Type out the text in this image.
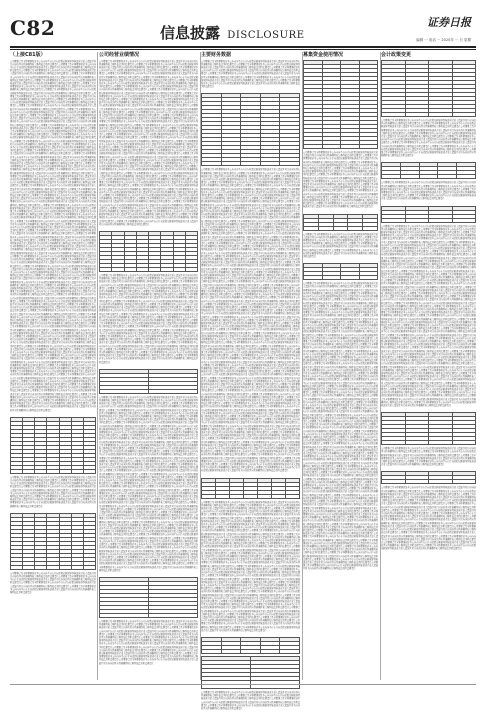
C82	信息披露 DISCLOSURE
证券日报
编辑 ··· 电话 ··· 2020年 ··· 日 星期
（上接C81版）

公司董事会及全体董事保证本公告内容不存在任何虚假记载误导性陈述或者重大遗漏并对其内容的真实性准确性和完整性依法承担法律责任公司董事会及全体董事保证本公告内容不存在任何虚假记载误导性陈述或者重大遗漏并对其内容的真实性准确性和完整性依法承担法律责任公司董事会及全体董事保证本公告内容不存在任何虚假记载误导性陈述或者重大遗漏并对其内容的真实性准确性和完整性依法承担法律责任公司董事会及全体董事保证本公告内容不存在任何虚假记载误导性陈述或者重大遗漏并对其内容的真实性准确性和完整性依法承担法律责任公司董事会及全体董事保证本公告内容不存在任何虚假记载误导性陈述或者重大遗漏并对其内容的真实性准确性和完整性依法承担法律责任公司董事会及全体董事保证本公告内容不存在任何虚假记载误导性陈述或者重大遗漏并对其内容的真实性准确性和完整性依法承担法律责任公司董事会及全体董事保证本公告内容不存在任何虚假记载误导性陈述或者重大遗漏并对其内容的真实性准确性和完整性依法承担法律责任公司董事会及全体董事保证本公告内容不存在任何虚假记载误导性陈述或者重大遗漏并对其内容的真实性准确性和完整性依法承担法律责任公司董事会及全体董事保证本公告内容不存在任何虚假记载误导性陈述或者重大遗漏并对其内容的真实性准确性和完整性依法承担法律责任公司董事会及全体董事保证本公告内容不存在任何虚假记载误导性陈述或者重大遗漏并对其内容的真实性准确性和完整性依法承担法律责任公司董事会及全体董事保证本公告内容不存在任何虚假记载误导性陈述或者重大遗漏并对其内容的真实性准确性和完整性依法承担法律责任公司董事会及全体董事保证本公告内容不存在任何虚假记载误导性陈述或者重大遗漏并对其内容的真实性准确性和完整性依法承担法律责任公司董事会及全体董事保证本公告内容不存在任何虚假记载误导性陈述或者重大遗漏并对其内容的真实性准确性和完整性依法承担法律责任公司董事会及全体董事保证本公告内容不存在任何虚假记载误导性陈述或者重大遗漏并对其内容的真实性准确性和完整性依法承担法律责任公司董事会及全体董事保证本公告内容不存在任何虚假记载误导性陈述或者重大遗漏并对其内容的真实性准确性和完整性依法承担法律责任公司董事会及全体董事保证本公告内容不存在任何虚假记载误导性陈述或者重大遗漏并对其内容的真实性准确性和完整性依法承担法律责任公司董事会及全体董事保证本公告内容不存在任何虚假记载误导性陈述或者重大遗漏并对其内容的真实性准确性和完整性依法承担法律责任公司董事会及全体董事保证本公告内容不存在任何虚假记载误导性陈述或者重大遗漏并对其内容的真实性准确性和完整性依法承担法律责任公司董事会及全体董事保证本公告内容不存在任何虚假记载误导性陈述或者重大遗漏并对其内容的真实性准确性和完整性依法承担法律责任公司董事会及全体董事保证本公告内容不存在任何虚假记载误导性陈述或者重大遗漏并对其内容的真实性准确性和完整性依法承担法律责任公司董事会及全体董事保证本公告内容不存在任何虚假记载误导性陈述或者重大遗漏并对其内容的真实性准确性和完整性依法承担法律责任公司董事会及全体董事保证本公告内容不存在任何虚假记载误导性陈述或者重大遗漏并对其内容的真实性准确性和完整性依法承担法律责任公司董事会及全体董事保证本公告内容不存在任何虚假记载误导性陈述或者重大遗漏并对其内容的真实性准确性和完整性依法承担法律责任公司董事会及全体董事保证本公告内容不存在任何虚假记载误导性陈述或者重大遗漏并对其内容的真实性准确性和完整性依法承担法律责任公司董事会及全体董事保证本公告内容不存在任何虚假记载误导性陈述或者重大遗漏并对其内容的真实性准确性和完整性依法承担法律责任公司董事会及全体董事保证本公告内容不存在任何虚假记载误导性陈述或者重大遗漏并对其内容的真实性准确性和完整性依法承担法律责任公司董事会及全体董事保证本公告内容不存在任何虚假记载误导性陈述或者重大遗漏并对其内容的真实性准确性和完整性依法承担法律责任公司董事会及全体董事保证本公告内容不存在任何虚假记载误导性陈述或者重大遗漏并对其内容的真实性准确性和完整性依法承担法律责任公司董事会及全体董事保证本公告内容不存在任何虚假记载误导性陈述或者重大遗漏并对其内容的真实性准确性和完整性依法承担法律责任公司董事会及全体董事保证本公告内容不存在任何虚假记载误导性陈述或者重大遗漏并对其内容的真实性准确性和完整性依法承担法律责任公司董事会及全体董事保证本公告内容不存在任何虚假记载误导性陈述或者重大遗漏并对其内容的真实性准确性和完整性依法承担法律责任公司董事会及全体董事保证本公告内容不存在任何虚假记载误导性陈述或者重大遗漏并对其内容的真实性准确性和完整性依法承担法律责任公司董事会及全体董事保证本公告内容不存在任何虚假记载误导性陈述或者重大遗漏并对其内容的真实性准确性和完整性依法承担法律责任公司董事会及全体董事保证本公告内容不存在任何虚假记载误导性陈述或者重大遗漏并对其内容的真实性准确性和完整性依法承担法律责任公司董事会及全体董事保证本公告内容不存在任何虚假记载误导性陈述或者重大遗漏并对其内容的真实性准确性和完整性依法承担法律责任公司董事会及全体董事保证本公告内容不存在任何虚假记载误导性陈述或者重大遗漏并对其内容的真实性准确性和完整性依法承担法律责任公司董事会及全体董事保证本公告内容不存在任何虚假记载误导性陈述或者重大遗漏并对其内容的真实性准确性和完整性依法承担法律责任公司董事会及全体董事保证本公告内容不存在任何虚假记载误导性陈述或者重大遗漏并对其内容的真实性准确性和完整性依法承担法律责任公司董事会及全体董事保证本公告内容不存在任何虚假记载误导性陈述或者重大遗漏并对其内容的真实性准确性和完整性依法承担法律责任公司董事会及全体董事保证本公告内容不存在任何虚假记载误导性陈述或者重大遗漏并对其内容的真实性准确性和完整性依法承担法律责任公司董事会及全体董事保证本公告内容不存在任何虚假记载误导性陈述或者重大遗漏并对其内容的真实性准确性和完整性依法承担法律责任公司董事会及全体董事保证本公告内容不存在任何虚假记载误导性陈述或者重大遗漏并对其内容的真实性准确性和完整性依法承担法律责任公司董事会及全体董事保证本公告内容不存在任何虚假记载误导性陈述或者重大遗漏并对其内容的真实性准确性和完整性依法承担法律责任公司董事会及全体董事保证本公告内容不存在任何虚假记载误导性陈述或者重大遗漏并对其内容的真实性准确性和完整性依法承担法律责任公司董事会及全体董事保证本公告内容不存在任何虚假记载误导性陈述或者重大遗漏并对其内容的真实性准确性和完整性依法承担法律责任公司董事会及全体董事保证本公告内容不存在任何虚假记载误导性陈述或者重大遗漏并对其内容的真实性准确性和完整性依法承担法律责任公司董事会及全体董事保证本公告内容不存在任何虚假记载误导性陈述或者重大遗漏并对其内容的真实性准确性和完整性依法承担法律责任公司董事会及全体董事保证本公告内容不存在任何虚假记载误导性陈述或者重大遗漏并对其内容的真实性准确性和完整性依法承担法律责任公司董事会及全体董事保证本公告内容不存在任何虚假记载误导性陈述或者重大遗漏并对其内容的真实性准确性和完整性依法承担法律责任公司董事会及全体董事保证本公告内容不存在任何虚假记载误导性陈述或者重大遗漏并对其内容的真实性准确性和完整性依法承担法律责任公司董事会及全体董事保证本公告内容不存在任何虚假记载误导性陈述或者重大遗漏并对其内容的真实性准确性和完整性依法承担法律责任公司董事会及全体董事保证本公告内容不存在任何虚假记载误导性陈述或者重大遗漏并对其内容的真实性准确性和完整性依法承担法律责任公司董事会及全体董事保证本公告内容不存在任何虚假记载误导性陈述或者重大遗漏并对其内容的真实性准确性和完整性依法承担法律责任公司董事会及全体董事保证本公告内容不存在任何虚假记载误导性陈述或者重大遗漏并对其内容的真实性准确性和完整性依法承担法律责任公司董事会及全体董事保证本公告内容不存在任何虚假记载误导性陈述或者重大遗漏并对其内容的真实性准确性和完整性依法承担法律责任公司董事会及全体董事保证本公告内容不存在任何虚假记载误导性陈述或者重大遗漏并对其内容的真实性准确性和完整性依法承担法律责任公司董事会及全体董事保证本公告内容不存在任何虚假记载误导性陈述或者重大遗漏并对其内容的真实性准确性和完整性依法承担法律责任公司董事会及全体董事保证本公告内容不存在任何虚假记载误导性陈述或者重大遗漏并对其内容的真实性准确性和完整性依法承担法律责任公司董事会及全体董事保证本公告内容不存在任何虚假记载误导性陈述或者重大遗漏并对其内容的真实性准确性和完整性依法承担法律责任公司董事会及全体董事保证本公告内容不存在任何虚假记载误导性陈述或者重大遗漏并对其内容的真实性准确性和完整性依法承担法律责任公司董事会及全体董事保证本公告内容不存在任何虚假记载误导性陈述或者重大遗漏并对其内容的真实性准确性和完整性依法承担法律责任公司董事会及全体董事保证本公告内容不存在任何虚假记载误导性陈述或者重大遗漏并对其内容的真实性准确性和完整性依法承担法律责任公司董事会及全体董事保证本公告内容不存在任何虚假记载误导性陈述或者重大遗漏并对其内容的真实性准确性和完整性依法承担法律责任公司董事会及全体董事保证本公告内容不存在任何虚假记载误导性陈述或者重大遗漏并对其内容的真实性准确性和完整性依法承担法律责任公司董事会及全体董事保证本公告内容不存在任何虚假记载误导性陈述或者重大遗漏并对其内容的真实性准确性和完整性依法承担法律责任公司董事会及全体董事保证本公告内容不存在任何虚假记载误导性陈述或者重大遗漏并对其内容的真实性准确性和完整性依法承担法律责任公司董事会及全体董事保证本公告内容不存在任何虚假记载误导性陈述或者重大遗漏并对其内容的真实性准确性和完整性依法承担法律责任公司董事会及全体董事保证本公告内容不存在任何虚假记载误导性陈述或者重大遗漏并对其内容的真实性准确性和完整性依法承担法律责任公司董事会及全体董事保证本公告内容不存在任何虚假记载误导性陈述或者重大遗漏并对其内容的真实性准确性和完整性依法承担法律责任公司董事会及全体董事保证本公告内容不存在任何虚假记载误导性陈述或者重大遗漏并对其内容的真实性准确性和完整性依法承担法律责任

公司董事会及全体董事保证本公告内容不存在任何虚假记载误导性陈述或者重大遗漏并对其内容的真实性准确性和完整性依法承担法律责任公司董事会及全体董事保证本公告内容不存在任何虚假记载误导性陈述或者重大遗漏并对其内容的真实性准确性和完整性依法承担法律责任公司董事会及全体董事保证本公告内容不存在任何虚假记载误导性陈述或者重大遗漏并对其内容的真实性准确性和完整性依法承担法律责任公司董事会及全体董事保证本公告内容不存在任何虚假记载误导性陈述或者重大遗漏并对其内容的真实性准确性和完整性依法承担法律责任公司董事会及全体董事保证本公告内容不存在任何虚假记载误导性陈述或者重大遗漏并对其内容的真实性准确性和完整性依法承担法律责任公司董事会及全体董事保证本公告内容不存在任何虚假记载误导性陈述或者重大遗漏并对其内容的真实性准确性和完整性依法承担法律责任

公司董事会及全体董事保证本公告内容不存在任何虚假记载误导性陈述或者重大遗漏并对其内容的真实性准确性和完整性依法承担法律责任公司董事会及全体董事保证本公告内容不存在任何虚假记载误导性陈述或者重大遗漏并对其内容的真实性准确性和完整性依法承担法律责任公司董事会及全体董事保证本公告内容不存在任何虚假记载误导性陈述或者重大遗漏并对其内容的真实性准确性和完整性依法承担法律责任公司董事会及全体董事保证本公告内容不存在任何虚假记载误导性陈述或者重大遗漏并对其内容的真实性准确性和完整性依法承担法律责任

公司经营业绩情况

公司董事会及全体董事保证本公告内容不存在任何虚假记载误导性陈述或者重大遗漏并对其内容的真实性准确性和完整性依法承担法律责任公司董事会及全体董事保证本公告内容不存在任何虚假记载误导性陈述或者重大遗漏并对其内容的真实性准确性和完整性依法承担法律责任公司董事会及全体董事保证本公告内容不存在任何虚假记载误导性陈述或者重大遗漏并对其内容的真实性准确性和完整性依法承担法律责任公司董事会及全体董事保证本公告内容不存在任何虚假记载误导性陈述或者重大遗漏并对其内容的真实性准确性和完整性依法承担法律责任公司董事会及全体董事保证本公告内容不存在任何虚假记载误导性陈述或者重大遗漏并对其内容的真实性准确性和完整性依法承担法律责任公司董事会及全体董事保证本公告内容不存在任何虚假记载误导性陈述或者重大遗漏并对其内容的真实性准确性和完整性依法承担法律责任公司董事会及全体董事保证本公告内容不存在任何虚假记载误导性陈述或者重大遗漏并对其内容的真实性准确性和完整性依法承担法律责任公司董事会及全体董事保证本公告内容不存在任何虚假记载误导性陈述或者重大遗漏并对其内容的真实性准确性和完整性依法承担法律责任公司董事会及全体董事保证本公告内容不存在任何虚假记载误导性陈述或者重大遗漏并对其内容的真实性准确性和完整性依法承担法律责任公司董事会及全体董事保证本公告内容不存在任何虚假记载误导性陈述或者重大遗漏并对其内容的真实性准确性和完整性依法承担法律责任公司董事会及全体董事保证本公告内容不存在任何虚假记载误导性陈述或者重大遗漏并对其内容的真实性准确性和完整性依法承担法律责任公司董事会及全体董事保证本公告内容不存在任何虚假记载误导性陈述或者重大遗漏并对其内容的真实性准确性和完整性依法承担法律责任公司董事会及全体董事保证本公告内容不存在任何虚假记载误导性陈述或者重大遗漏并对其内容的真实性准确性和完整性依法承担法律责任公司董事会及全体董事保证本公告内容不存在任何虚假记载误导性陈述或者重大遗漏并对其内容的真实性准确性和完整性依法承担法律责任公司董事会及全体董事保证本公告内容不存在任何虚假记载误导性陈述或者重大遗漏并对其内容的真实性准确性和完整性依法承担法律责任公司董事会及全体董事保证本公告内容不存在任何虚假记载误导性陈述或者重大遗漏并对其内容的真实性准确性和完整性依法承担法律责任公司董事会及全体董事保证本公告内容不存在任何虚假记载误导性陈述或者重大遗漏并对其内容的真实性准确性和完整性依法承担法律责任公司董事会及全体董事保证本公告内容不存在任何虚假记载误导性陈述或者重大遗漏并对其内容的真实性准确性和完整性依法承担法律责任公司董事会及全体董事保证本公告内容不存在任何虚假记载误导性陈述或者重大遗漏并对其内容的真实性准确性和完整性依法承担法律责任公司董事会及全体董事保证本公告内容不存在任何虚假记载误导性陈述或者重大遗漏并对其内容的真实性准确性和完整性依法承担法律责任公司董事会及全体董事保证本公告内容不存在任何虚假记载误导性陈述或者重大遗漏并对其内容的真实性准确性和完整性依法承担法律责任公司董事会及全体董事保证本公告内容不存在任何虚假记载误导性陈述或者重大遗漏并对其内容的真实性准确性和完整性依法承担法律责任公司董事会及全体董事保证本公告内容不存在任何虚假记载误导性陈述或者重大遗漏并对其内容的真实性准确性和完整性依法承担法律责任公司董事会及全体董事保证本公告内容不存在任何虚假记载误导性陈述或者重大遗漏并对其内容的真实性准确性和完整性依法承担法律责任公司董事会及全体董事保证本公告内容不存在任何虚假记载误导性陈述或者重大遗漏并对其内容的真实性准确性和完整性依法承担法律责任公司董事会及全体董事保证本公告内容不存在任何虚假记载误导性陈述或者重大遗漏并对其内容的真实性准确性和完整性依法承担法律责任公司董事会及全体董事保证本公告内容不存在任何虚假记载误导性陈述或者重大遗漏并对其内容的真实性准确性和完整性依法承担法律责任公司董事会及全体董事保证本公告内容不存在任何虚假记载误导性陈述或者重大遗漏并对其内容的真实性准确性和完整性依法承担法律责任公司董事会及全体董事保证本公告内容不存在任何虚假记载误导性陈述或者重大遗漏并对其内容的真实性准确性和完整性依法承担法律责任公司董事会及全体董事保证本公告内容不存在任何虚假记载误导性陈述或者重大遗漏并对其内容的真实性准确性和完整性依法承担法律责任公司董事会及全体董事保证本公告内容不存在任何虚假记载误导性陈述或者重大遗漏并对其内容的真实性准确性和完整性依法承担法律责任公司董事会及全体董事保证本公告内容不存在任何虚假记载误导性陈述或者重大遗漏并对其内容的真实性准确性和完整性依法承担法律责任公司董事会及全体董事保证本公告内容不存在任何虚假记载误导性陈述或者重大遗漏并对其内容的真实性准确性和完整性依法承担法律责任公司董事会及全体董事保证本公告内容不存在任何虚假记载误导性陈述或者重大遗漏并对其内容的真实性准确性和完整性依法承担法律责任公司董事会及全体董事保证本公告内容不存在任何虚假记载误导性陈述或者重大遗漏并对其内容的真实性准确性和完整性依法承担法律责任公司董事会及全体董事保证本公告内容不存在任何虚假记载误导性陈述或者重大遗漏并对其内容的真实性准确性和完整性依法承担法律责任公司董事会及全体董事保证本公告内容不存在任何虚假记载误导性陈述或者重大遗漏并对其内容的真实性准确性和完整性依法承担法律责任公司董事会及全体董事保证本公告内容不存在任何虚假记载误导性陈述或者重大遗漏并对其内容的真实性准确性和完整性依法承担法律责任

公司董事会及全体董事保证本公告内容不存在任何虚假记载误导性陈述或者重大遗漏并对其内容的真实性准确性和完整性依法承担法律责任公司董事会及全体董事保证本公告内容不存在任何虚假记载误导性陈述或者重大遗漏并对其内容的真实性准确性和完整性依法承担法律责任公司董事会及全体董事保证本公告内容不存在任何虚假记载误导性陈述或者重大遗漏并对其内容的真实性准确性和完整性依法承担法律责任公司董事会及全体董事保证本公告内容不存在任何虚假记载误导性陈述或者重大遗漏并对其内容的真实性准确性和完整性依法承担法律责任公司董事会及全体董事保证本公告内容不存在任何虚假记载误导性陈述或者重大遗漏并对其内容的真实性准确性和完整性依法承担法律责任公司董事会及全体董事保证本公告内容不存在任何虚假记载误导性陈述或者重大遗漏并对其内容的真实性准确性和完整性依法承担法律责任公司董事会及全体董事保证本公告内容不存在任何虚假记载误导性陈述或者重大遗漏并对其内容的真实性准确性和完整性依法承担法律责任公司董事会及全体董事保证本公告内容不存在任何虚假记载误导性陈述或者重大遗漏并对其内容的真实性准确性和完整性依法承担法律责任公司董事会及全体董事保证本公告内容不存在任何虚假记载误导性陈述或者重大遗漏并对其内容的真实性准确性和完整性依法承担法律责任公司董事会及全体董事保证本公告内容不存在任何虚假记载误导性陈述或者重大遗漏并对其内容的真实性准确性和完整性依法承担法律责任公司董事会及全体董事保证本公告内容不存在任何虚假记载误导性陈述或者重大遗漏并对其内容的真实性准确性和完整性依法承担法律责任公司董事会及全体董事保证本公告内容不存在任何虚假记载误导性陈述或者重大遗漏并对其内容的真实性准确性和完整性依法承担法律责任公司董事会及全体董事保证本公告内容不存在任何虚假记载误导性陈述或者重大遗漏并对其内容的真实性准确性和完整性依法承担法律责任公司董事会及全体董事保证本公告内容不存在任何虚假记载误导性陈述或者重大遗漏并对其内容的真实性准确性和完整性依法承担法律责任公司董事会及全体董事保证本公告内容不存在任何虚假记载误导性陈述或者重大遗漏并对其内容的真实性准确性和完整性依法承担法律责任公司董事会及全体董事保证本公告内容不存在任何虚假记载误导性陈述或者重大遗漏并对其内容的真实性准确性和完整性依法承担法律责任公司董事会及全体董事保证本公告内容不存在任何虚假记载误导性陈述或者重大遗漏并对其内容的真实性准确性和完整性依法承担法律责任公司董事会及全体董事保证本公告内容不存在任何虚假记载误导性陈述或者重大遗漏并对其内容的真实性准确性和完整性依法承担法律责任公司董事会及全体董事保证本公告内容不存在任何虚假记载误导性陈述或者重大遗漏并对其内容的真实性准确性和完整性依法承担法律责任公司董事会及全体董事保证本公告内容不存在任何虚假记载误导性陈述或者重大遗漏并对其内容的真实性准确性和完整性依法承担法律责任

公司董事会及全体董事保证本公告内容不存在任何虚假记载误导性陈述或者重大遗漏并对其内容的真实性准确性和完整性依法承担法律责任公司董事会及全体董事保证本公告内容不存在任何虚假记载误导性陈述或者重大遗漏并对其内容的真实性准确性和完整性依法承担法律责任公司董事会及全体董事保证本公告内容不存在任何虚假记载误导性陈述或者重大遗漏并对其内容的真实性准确性和完整性依法承担法律责任公司董事会及全体董事保证本公告内容不存在任何虚假记载误导性陈述或者重大遗漏并对其内容的真实性准确性和完整性依法承担法律责任公司董事会及全体董事保证本公告内容不存在任何虚假记载误导性陈述或者重大遗漏并对其内容的真实性准确性和完整性依法承担法律责任公司董事会及全体董事保证本公告内容不存在任何虚假记载误导性陈述或者重大遗漏并对其内容的真实性准确性和完整性依法承担法律责任公司董事会及全体董事保证本公告内容不存在任何虚假记载误导性陈述或者重大遗漏并对其内容的真实性准确性和完整性依法承担法律责任公司董事会及全体董事保证本公告内容不存在任何虚假记载误导性陈述或者重大遗漏并对其内容的真实性准确性和完整性依法承担法律责任公司董事会及全体董事保证本公告内容不存在任何虚假记载误导性陈述或者重大遗漏并对其内容的真实性准确性和完整性依法承担法律责任公司董事会及全体董事保证本公告内容不存在任何虚假记载误导性陈述或者重大遗漏并对其内容的真实性准确性和完整性依法承担法律责任公司董事会及全体董事保证本公告内容不存在任何虚假记载误导性陈述或者重大遗漏并对其内容的真实性准确性和完整性依法承担法律责任公司董事会及全体董事保证本公告内容不存在任何虚假记载误导性陈述或者重大遗漏并对其内容的真实性准确性和完整性依法承担法律责任公司董事会及全体董事保证本公告内容不存在任何虚假记载误导性陈述或者重大遗漏并对其内容的真实性准确性和完整性依法承担法律责任公司董事会及全体董事保证本公告内容不存在任何虚假记载误导性陈述或者重大遗漏并对其内容的真实性准确性和完整性依法承担法律责任公司董事会及全体董事保证本公告内容不存在任何虚假记载误导性陈述或者重大遗漏并对其内容的真实性准确性和完整性依法承担法律责任公司董事会及全体董事保证本公告内容不存在任何虚假记载误导性陈述或者重大遗漏并对其内容的真实性准确性和完整性依法承担法律责任公司董事会及全体董事保证本公告内容不存在任何虚假记载误导性陈述或者重大遗漏并对其内容的真实性准确性和完整性依法承担法律责任公司董事会及全体董事保证本公告内容不存在任何虚假记载误导性陈述或者重大遗漏并对其内容的真实性准确性和完整性依法承担法律责任公司董事会及全体董事保证本公告内容不存在任何虚假记载误导性陈述或者重大遗漏并对其内容的真实性准确性和完整性依法承担法律责任公司董事会及全体董事保证本公告内容不存在任何虚假记载误导性陈述或者重大遗漏并对其内容的真实性准确性和完整性依法承担法律责任公司董事会及全体董事保证本公告内容不存在任何虚假记载误导性陈述或者重大遗漏并对其内容的真实性准确性和完整性依法承担法律责任公司董事会及全体董事保证本公告内容不存在任何虚假记载误导性陈述或者重大遗漏并对其内容的真实性准确性和完整性依法承担法律责任公司董事会及全体董事保证本公告内容不存在任何虚假记载误导性陈述或者重大遗漏并对其内容的真实性准确性和完整性依法承担法律责任公司董事会及全体董事保证本公告内容不存在任何虚假记载误导性陈述或者重大遗漏并对其内容的真实性准确性和完整性依法承担法律责任公司董事会及全体董事保证本公告内容不存在任何虚假记载误导性陈述或者重大遗漏并对其内容的真实性准确性和完整性依法承担法律责任公司董事会及全体董事保证本公告内容不存在任何虚假记载误导性陈述或者重大遗漏并对其内容的真实性准确性和完整性依法承担法律责任公司董事会及全体董事保证本公告内容不存在任何虚假记载误导性陈述或者重大遗漏并对其内容的真实性准确性和完整性依法承担法律责任公司董事会及全体董事保证本公告内容不存在任何虚假记载误导性陈述或者重大遗漏并对其内容的真实性准确性和完整性依法承担法律责任公司董事会及全体董事保证本公告内容不存在任何虚假记载误导性陈述或者重大遗漏并对其内容的真实性准确性和完整性依法承担法律责任公司董事会及全体董事保证本公告内容不存在任何虚假记载误导性陈述或者重大遗漏并对其内容的真实性准确性和完整性依法承担法律责任公司董事会及全体董事保证本公告内容不存在任何虚假记载误导性陈述或者重大遗漏并对其内容的真实性准确性和完整性依法承担法律责任公司董事会及全体董事保证本公告内容不存在任何虚假记载误导性陈述或者重大遗漏并对其内容的真实性准确性和完整性依法承担法律责任公司董事会及全体董事保证本公告内容不存在任何虚假记载误导性陈述或者重大遗漏并对其内容的真实性准确性和完整性依法承担法律责任公司董事会及全体董事保证本公告内容不存在任何虚假记载误导性陈述或者重大遗漏并对其内容的真实性准确性和完整性依法承担法律责任公司董事会及全体董事保证本公告内容不存在任何虚假记载误导性陈述或者重大遗漏并对其内容的真实性准确性和完整性依法承担法律责任公司董事会及全体董事保证本公告内容不存在任何虚假记载误导性陈述或者重大遗漏并对其内容的真实性准确性和完整性依法承担法律责任公司董事会及全体董事保证本公告内容不存在任何虚假记载误导性陈述或者重大遗漏并对其内容的真实性准确性和完整性依法承担法律责任公司董事会及全体董事保证本公告内容不存在任何虚假记载误导性陈述或者重大遗漏并对其内容的真实性准确性和完整性依法承担法律责任公司董事会及全体董事保证本公告内容不存在任何虚假记载误导性陈述或者重大遗漏并对其内容的真实性准确性和完整性依法承担法律责任公司董事会及全体董事保证本公告内容不存在任何虚假记载误导性陈述或者重大遗漏并对其内容的真实性准确性和完整性依法承担法律责任

公司董事会及全体董事保证本公告内容不存在任何虚假记载误导性陈述或者重大遗漏并对其内容的真实性准确性和完整性依法承担法律责任公司董事会及全体董事保证本公告内容不存在任何虚假记载误导性陈述或者重大遗漏并对其内容的真实性准确性和完整性依法承担法律责任公司董事会及全体董事保证本公告内容不存在任何虚假记载误导性陈述或者重大遗漏并对其内容的真实性准确性和完整性依法承担法律责任公司董事会及全体董事保证本公告内容不存在任何虚假记载误导性陈述或者重大遗漏并对其内容的真实性准确性和完整性依法承担法律责任公司董事会及全体董事保证本公告内容不存在任何虚假记载误导性陈述或者重大遗漏并对其内容的真实性准确性和完整性依法承担法律责任公司董事会及全体董事保证本公告内容不存在任何虚假记载误导性陈述或者重大遗漏并对其内容的真实性准确性和完整性依法承担法律责任公司董事会及全体董事保证本公告内容不存在任何虚假记载误导性陈述或者重大遗漏并对其内容的真实性准确性和完整性依法承担法律责任公司董事会及全体董事保证本公告内容不存在任何虚假记载误导性陈述或者重大遗漏并对其内容的真实性准确性和完整性依法承担法律责任公司董事会及全体董事保证本公告内容不存在任何虚假记载误导性陈述或者重大遗漏并对其内容的真实性准确性和完整性依法承担法律责任公司董事会及全体董事保证本公告内容不存在任何虚假记载误导性陈述或者重大遗漏并对其内容的真实性准确性和完整性依法承担法律责任

主要财务数据

公司董事会及全体董事保证本公告内容不存在任何虚假记载误导性陈述或者重大遗漏并对其内容的真实性准确性和完整性依法承担法律责任公司董事会及全体董事保证本公告内容不存在任何虚假记载误导性陈述或者重大遗漏并对其内容的真实性准确性和完整性依法承担法律责任公司董事会及全体董事保证本公告内容不存在任何虚假记载误导性陈述或者重大遗漏并对其内容的真实性准确性和完整性依法承担法律责任公司董事会及全体董事保证本公告内容不存在任何虚假记载误导性陈述或者重大遗漏并对其内容的真实性准确性和完整性依法承担法律责任公司董事会及全体董事保证本公告内容不存在任何虚假记载误导性陈述或者重大遗漏并对其内容的真实性准确性和完整性依法承担法律责任公司董事会及全体董事保证本公告内容不存在任何虚假记载误导性陈述或者重大遗漏并对其内容的真实性准确性和完整性依法承担法律责任

公司董事会及全体董事保证本公告内容不存在任何虚假记载误导性陈述或者重大遗漏并对其内容的真实性准确性和完整性依法承担法律责任公司董事会及全体董事保证本公告内容不存在任何虚假记载误导性陈述或者重大遗漏并对其内容的真实性准确性和完整性依法承担法律责任公司董事会及全体董事保证本公告内容不存在任何虚假记载误导性陈述或者重大遗漏并对其内容的真实性准确性和完整性依法承担法律责任公司董事会及全体董事保证本公告内容不存在任何虚假记载误导性陈述或者重大遗漏并对其内容的真实性准确性和完整性依法承担法律责任公司董事会及全体董事保证本公告内容不存在任何虚假记载误导性陈述或者重大遗漏并对其内容的真实性准确性和完整性依法承担法律责任公司董事会及全体董事保证本公告内容不存在任何虚假记载误导性陈述或者重大遗漏并对其内容的真实性准确性和完整性依法承担法律责任公司董事会及全体董事保证本公告内容不存在任何虚假记载误导性陈述或者重大遗漏并对其内容的真实性准确性和完整性依法承担法律责任公司董事会及全体董事保证本公告内容不存在任何虚假记载误导性陈述或者重大遗漏并对其内容的真实性准确性和完整性依法承担法律责任公司董事会及全体董事保证本公告内容不存在任何虚假记载误导性陈述或者重大遗漏并对其内容的真实性准确性和完整性依法承担法律责任公司董事会及全体董事保证本公告内容不存在任何虚假记载误导性陈述或者重大遗漏并对其内容的真实性准确性和完整性依法承担法律责任公司董事会及全体董事保证本公告内容不存在任何虚假记载误导性陈述或者重大遗漏并对其内容的真实性准确性和完整性依法承担法律责任公司董事会及全体董事保证本公告内容不存在任何虚假记载误导性陈述或者重大遗漏并对其内容的真实性准确性和完整性依法承担法律责任公司董事会及全体董事保证本公告内容不存在任何虚假记载误导性陈述或者重大遗漏并对其内容的真实性准确性和完整性依法承担法律责任公司董事会及全体董事保证本公告内容不存在任何虚假记载误导性陈述或者重大遗漏并对其内容的真实性准确性和完整性依法承担法律责任公司董事会及全体董事保证本公告内容不存在任何虚假记载误导性陈述或者重大遗漏并对其内容的真实性准确性和完整性依法承担法律责任公司董事会及全体董事保证本公告内容不存在任何虚假记载误导性陈述或者重大遗漏并对其内容的真实性准确性和完整性依法承担法律责任公司董事会及全体董事保证本公告内容不存在任何虚假记载误导性陈述或者重大遗漏并对其内容的真实性准确性和完整性依法承担法律责任公司董事会及全体董事保证本公告内容不存在任何虚假记载误导性陈述或者重大遗漏并对其内容的真实性准确性和完整性依法承担法律责任公司董事会及全体董事保证本公告内容不存在任何虚假记载误导性陈述或者重大遗漏并对其内容的真实性准确性和完整性依法承担法律责任公司董事会及全体董事保证本公告内容不存在任何虚假记载误导性陈述或者重大遗漏并对其内容的真实性准确性和完整性依法承担法律责任公司董事会及全体董事保证本公告内容不存在任何虚假记载误导性陈述或者重大遗漏并对其内容的真实性准确性和完整性依法承担法律责任公司董事会及全体董事保证本公告内容不存在任何虚假记载误导性陈述或者重大遗漏并对其内容的真实性准确性和完整性依法承担法律责任公司董事会及全体董事保证本公告内容不存在任何虚假记载误导性陈述或者重大遗漏并对其内容的真实性准确性和完整性依法承担法律责任公司董事会及全体董事保证本公告内容不存在任何虚假记载误导性陈述或者重大遗漏并对其内容的真实性准确性和完整性依法承担法律责任公司董事会及全体董事保证本公告内容不存在任何虚假记载误导性陈述或者重大遗漏并对其内容的真实性准确性和完整性依法承担法律责任公司董事会及全体董事保证本公告内容不存在任何虚假记载误导性陈述或者重大遗漏并对其内容的真实性准确性和完整性依法承担法律责任公司董事会及全体董事保证本公告内容不存在任何虚假记载误导性陈述或者重大遗漏并对其内容的真实性准确性和完整性依法承担法律责任公司董事会及全体董事保证本公告内容不存在任何虚假记载误导性陈述或者重大遗漏并对其内容的真实性准确性和完整性依法承担法律责任公司董事会及全体董事保证本公告内容不存在任何虚假记载误导性陈述或者重大遗漏并对其内容的真实性准确性和完整性依法承担法律责任公司董事会及全体董事保证本公告内容不存在任何虚假记载误导性陈述或者重大遗漏并对其内容的真实性准确性和完整性依法承担法律责任公司董事会及全体董事保证本公告内容不存在任何虚假记载误导性陈述或者重大遗漏并对其内容的真实性准确性和完整性依法承担法律责任公司董事会及全体董事保证本公告内容不存在任何虚假记载误导性陈述或者重大遗漏并对其内容的真实性准确性和完整性依法承担法律责任公司董事会及全体董事保证本公告内容不存在任何虚假记载误导性陈述或者重大遗漏并对其内容的真实性准确性和完整性依法承担法律责任公司董事会及全体董事保证本公告内容不存在任何虚假记载误导性陈述或者重大遗漏并对其内容的真实性准确性和完整性依法承担法律责任公司董事会及全体董事保证本公告内容不存在任何虚假记载误导性陈述或者重大遗漏并对其内容的真实性准确性和完整性依法承担法律责任公司董事会及全体董事保证本公告内容不存在任何虚假记载误导性陈述或者重大遗漏并对其内容的真实性准确性和完整性依法承担法律责任公司董事会及全体董事保证本公告内容不存在任何虚假记载误导性陈述或者重大遗漏并对其内容的真实性准确性和完整性依法承担法律责任公司董事会及全体董事保证本公告内容不存在任何虚假记载误导性陈述或者重大遗漏并对其内容的真实性准确性和完整性依法承担法律责任公司董事会及全体董事保证本公告内容不存在任何虚假记载误导性陈述或者重大遗漏并对其内容的真实性准确性和完整性依法承担法律责任公司董事会及全体董事保证本公告内容不存在任何虚假记载误导性陈述或者重大遗漏并对其内容的真实性准确性和完整性依法承担法律责任公司董事会及全体董事保证本公告内容不存在任何虚假记载误导性陈述或者重大遗漏并对其内容的真实性准确性和完整性依法承担法律责任公司董事会及全体董事保证本公告内容不存在任何虚假记载误导性陈述或者重大遗漏并对其内容的真实性准确性和完整性依法承担法律责任公司董事会及全体董事保证本公告内容不存在任何虚假记载误导性陈述或者重大遗漏并对其内容的真实性准确性和完整性依法承担法律责任公司董事会及全体董事保证本公告内容不存在任何虚假记载误导性陈述或者重大遗漏并对其内容的真实性准确性和完整性依法承担法律责任公司董事会及全体董事保证本公告内容不存在任何虚假记载误导性陈述或者重大遗漏并对其内容的真实性准确性和完整性依法承担法律责任公司董事会及全体董事保证本公告内容不存在任何虚假记载误导性陈述或者重大遗漏并对其内容的真实性准确性和完整性依法承担法律责任公司董事会及全体董事保证本公告内容不存在任何虚假记载误导性陈述或者重大遗漏并对其内容的真实性准确性和完整性依法承担法律责任公司董事会及全体董事保证本公告内容不存在任何虚假记载误导性陈述或者重大遗漏并对其内容的真实性准确性和完整性依法承担法律责任公司董事会及全体董事保证本公告内容不存在任何虚假记载误导性陈述或者重大遗漏并对其内容的真实性准确性和完整性依法承担法律责任公司董事会及全体董事保证本公告内容不存在任何虚假记载误导性陈述或者重大遗漏并对其内容的真实性准确性和完整性依法承担法律责任公司董事会及全体董事保证本公告内容不存在任何虚假记载误导性陈述或者重大遗漏并对其内容的真实性准确性和完整性依法承担法律责任公司董事会及全体董事保证本公告内容不存在任何虚假记载误导性陈述或者重大遗漏并对其内容的真实性准确性和完整性依法承担法律责任公司董事会及全体董事保证本公告内容不存在任何虚假记载误导性陈述或者重大遗漏并对其内容的真实性准确性和完整性依法承担法律责任公司董事会及全体董事保证本公告内容不存在任何虚假记载误导性陈述或者重大遗漏并对其内容的真实性准确性和完整性依法承担法律责任公司董事会及全体董事保证本公告内容不存在任何虚假记载误导性陈述或者重大遗漏并对其内容的真实性准确性和完整性依法承担法律责任公司董事会及全体董事保证本公告内容不存在任何虚假记载误导性陈述或者重大遗漏并对其内容的真实性准确性和完整性依法承担法律责任公司董事会及全体董事保证本公告内容不存在任何虚假记载误导性陈述或者重大遗漏并对其内容的真实性准确性和完整性依法承担法律责任公司董事会及全体董事保证本公告内容不存在任何虚假记载误导性陈述或者重大遗漏并对其内容的真实性准确性和完整性依法承担法律责任公司董事会及全体董事保证本公告内容不存在任何虚假记载误导性陈述或者重大遗漏并对其内容的真实性准确性和完整性依法承担法律责任公司董事会及全体董事保证本公告内容不存在任何虚假记载误导性陈述或者重大遗漏并对其内容的真实性准确性和完整性依法承担法律责任公司董事会及全体董事保证本公告内容不存在任何虚假记载误导性陈述或者重大遗漏并对其内容的真实性准确性和完整性依法承担法律责任公司董事会及全体董事保证本公告内容不存在任何虚假记载误导性陈述或者重大遗漏并对其内容的真实性准确性和完整性依法承担法律责任公司董事会及全体董事保证本公告内容不存在任何虚假记载误导性陈述或者重大遗漏并对其内容的真实性准确性和完整性依法承担法律责任公司董事会及全体董事保证本公告内容不存在任何虚假记载误导性陈述或者重大遗漏并对其内容的真实性准确性和完整性依法承担法律责任公司董事会及全体董事保证本公告内容不存在任何虚假记载误导性陈述或者重大遗漏并对其内容的真实性准确性和完整性依法承担法律责任公司董事会及全体董事保证本公告内容不存在任何虚假记载误导性陈述或者重大遗漏并对其内容的真实性准确性和完整性依法承担法律责任公司董事会及全体董事保证本公告内容不存在任何虚假记载误导性陈述或者重大遗漏并对其内容的真实性准确性和完整性依法承担法律责任公司董事会及全体董事保证本公告内容不存在任何虚假记载误导性陈述或者重大遗漏并对其内容的真实性准确性和完整性依法承担法律责任公司董事会及全体董事保证本公告内容不存在任何虚假记载误导性陈述或者重大遗漏并对其内容的真实性准确性和完整性依法承担法律责任公司董事会及全体董事保证本公告内容不存在任何虚假记载误导性陈述或者重大遗漏并对其内容的真实性准确性和完整性依法承担法律责任

公司董事会及全体董事保证本公告内容不存在任何虚假记载误导性陈述或者重大遗漏并对其内容的真实性准确性和完整性依法承担法律责任公司董事会及全体董事保证本公告内容不存在任何虚假记载误导性陈述或者重大遗漏并对其内容的真实性准确性和完整性依法承担法律责任公司董事会及全体董事保证本公告内容不存在任何虚假记载误导性陈述或者重大遗漏并对其内容的真实性准确性和完整性依法承担法律责任公司董事会及全体董事保证本公告内容不存在任何虚假记载误导性陈述或者重大遗漏并对其内容的真实性准确性和完整性依法承担法律责任公司董事会及全体董事保证本公告内容不存在任何虚假记载误导性陈述或者重大遗漏并对其内容的真实性准确性和完整性依法承担法律责任公司董事会及全体董事保证本公告内容不存在任何虚假记载误导性陈述或者重大遗漏并对其内容的真实性准确性和完整性依法承担法律责任公司董事会及全体董事保证本公告内容不存在任何虚假记载误导性陈述或者重大遗漏并对其内容的真实性准确性和完整性依法承担法律责任公司董事会及全体董事保证本公告内容不存在任何虚假记载误导性陈述或者重大遗漏并对其内容的真实性准确性和完整性依法承担法律责任公司董事会及全体董事保证本公告内容不存在任何虚假记载误导性陈述或者重大遗漏并对其内容的真实性准确性和完整性依法承担法律责任公司董事会及全体董事保证本公告内容不存在任何虚假记载误导性陈述或者重大遗漏并对其内容的真实性准确性和完整性依法承担法律责任公司董事会及全体董事保证本公告内容不存在任何虚假记载误导性陈述或者重大遗漏并对其内容的真实性准确性和完整性依法承担法律责任公司董事会及全体董事保证本公告内容不存在任何虚假记载误导性陈述或者重大遗漏并对其内容的真实性准确性和完整性依法承担法律责任公司董事会及全体董事保证本公告内容不存在任何虚假记载误导性陈述或者重大遗漏并对其内容的真实性准确性和完整性依法承担法律责任公司董事会及全体董事保证本公告内容不存在任何虚假记载误导性陈述或者重大遗漏并对其内容的真实性准确性和完整性依法承担法律责任公司董事会及全体董事保证本公告内容不存在任何虚假记载误导性陈述或者重大遗漏并对其内容的真实性准确性和完整性依法承担法律责任公司董事会及全体董事保证本公告内容不存在任何虚假记载误导性陈述或者重大遗漏并对其内容的真实性准确性和完整性依法承担法律责任公司董事会及全体董事保证本公告内容不存在任何虚假记载误导性陈述或者重大遗漏并对其内容的真实性准确性和完整性依法承担法律责任公司董事会及全体董事保证本公告内容不存在任何虚假记载误导性陈述或者重大遗漏并对其内容的真实性准确性和完整性依法承担法律责任公司董事会及全体董事保证本公告内容不存在任何虚假记载误导性陈述或者重大遗漏并对其内容的真实性准确性和完整性依法承担法律责任公司董事会及全体董事保证本公告内容不存在任何虚假记载误导性陈述或者重大遗漏并对其内容的真实性准确性和完整性依法承担法律责任公司董事会及全体董事保证本公告内容不存在任何虚假记载误导性陈述或者重大遗漏并对其内容的真实性准确性和完整性依法承担法律责任公司董事会及全体董事保证本公告内容不存在任何虚假记载误导性陈述或者重大遗漏并对其内容的真实性准确性和完整性依法承担法律责任公司董事会及全体董事保证本公告内容不存在任何虚假记载误导性陈述或者重大遗漏并对其内容的真实性准确性和完整性依法承担法律责任公司董事会及全体董事保证本公告内容不存在任何虚假记载误导性陈述或者重大遗漏并对其内容的真实性准确性和完整性依法承担法律责任公司董事会及全体董事保证本公告内容不存在任何虚假记载误导性陈述或者重大遗漏并对其内容的真实性准确性和完整性依法承担法律责任公司董事会及全体董事保证本公告内容不存在任何虚假记载误导性陈述或者重大遗漏并对其内容的真实性准确性和完整性依法承担法律责任公司董事会及全体董事保证本公告内容不存在任何虚假记载误导性陈述或者重大遗漏并对其内容的真实性准确性和完整性依法承担法律责任公司董事会及全体董事保证本公告内容不存在任何虚假记载误导性陈述或者重大遗漏并对其内容的真实性准确性和完整性依法承担法律责任公司董事会及全体董事保证本公告内容不存在任何虚假记载误导性陈述或者重大遗漏并对其内容的真实性准确性和完整性依法承担法律责任公司董事会及全体董事保证本公告内容不存在任何虚假记载误导性陈述或者重大遗漏并对其内容的真实性准确性和完整性依法承担法律责任

公司董事会及全体董事保证本公告内容不存在任何虚假记载误导性陈述或者重大遗漏并对其内容的真实性准确性和完整性依法承担法律责任公司董事会及全体董事保证本公告内容不存在任何虚假记载误导性陈述或者重大遗漏并对其内容的真实性准确性和完整性依法承担法律责任公司董事会及全体董事保证本公告内容不存在任何虚假记载误导性陈述或者重大遗漏并对其内容的真实性准确性和完整性依法承担法律责任公司董事会及全体董事保证本公告内容不存在任何虚假记载误导性陈述或者重大遗漏并对其内容的真实性准确性和完整性依法承担法律责任

募集资金使用情况

公司董事会及全体董事保证本公告内容不存在任何虚假记载误导性陈述或者重大遗漏并对其内容的真实性准确性和完整性依法承担法律责任公司董事会及全体董事保证本公告内容不存在任何虚假记载误导性陈述或者重大遗漏并对其内容的真实性准确性和完整性依法承担法律责任公司董事会及全体董事保证本公告内容不存在任何虚假记载误导性陈述或者重大遗漏并对其内容的真实性准确性和完整性依法承担法律责任公司董事会及全体董事保证本公告内容不存在任何虚假记载误导性陈述或者重大遗漏并对其内容的真实性准确性和完整性依法承担法律责任公司董事会及全体董事保证本公告内容不存在任何虚假记载误导性陈述或者重大遗漏并对其内容的真实性准确性和完整性依法承担法律责任公司董事会及全体董事保证本公告内容不存在任何虚假记载误导性陈述或者重大遗漏并对其内容的真实性准确性和完整性依法承担法律责任公司董事会及全体董事保证本公告内容不存在任何虚假记载误导性陈述或者重大遗漏并对其内容的真实性准确性和完整性依法承担法律责任公司董事会及全体董事保证本公告内容不存在任何虚假记载误导性陈述或者重大遗漏并对其内容的真实性准确性和完整性依法承担法律责任公司董事会及全体董事保证本公告内容不存在任何虚假记载误导性陈述或者重大遗漏并对其内容的真实性准确性和完整性依法承担法律责任公司董事会及全体董事保证本公告内容不存在任何虚假记载误导性陈述或者重大遗漏并对其内容的真实性准确性和完整性依法承担法律责任

公司董事会及全体董事保证本公告内容不存在任何虚假记载误导性陈述或者重大遗漏并对其内容的真实性准确性和完整性依法承担法律责任公司董事会及全体董事保证本公告内容不存在任何虚假记载误导性陈述或者重大遗漏并对其内容的真实性准确性和完整性依法承担法律责任公司董事会及全体董事保证本公告内容不存在任何虚假记载误导性陈述或者重大遗漏并对其内容的真实性准确性和完整性依法承担法律责任公司董事会及全体董事保证本公告内容不存在任何虚假记载误导性陈述或者重大遗漏并对其内容的真实性准确性和完整性依法承担法律责任

公司董事会及全体董事保证本公告内容不存在任何虚假记载误导性陈述或者重大遗漏并对其内容的真实性准确性和完整性依法承担法律责任公司董事会及全体董事保证本公告内容不存在任何虚假记载误导性陈述或者重大遗漏并对其内容的真实性准确性和完整性依法承担法律责任公司董事会及全体董事保证本公告内容不存在任何虚假记载误导性陈述或者重大遗漏并对其内容的真实性准确性和完整性依法承担法律责任公司董事会及全体董事保证本公告内容不存在任何虚假记载误导性陈述或者重大遗漏并对其内容的真实性准确性和完整性依法承担法律责任公司董事会及全体董事保证本公告内容不存在任何虚假记载误导性陈述或者重大遗漏并对其内容的真实性准确性和完整性依法承担法律责任公司董事会及全体董事保证本公告内容不存在任何虚假记载误导性陈述或者重大遗漏并对其内容的真实性准确性和完整性依法承担法律责任公司董事会及全体董事保证本公告内容不存在任何虚假记载误导性陈述或者重大遗漏并对其内容的真实性准确性和完整性依法承担法律责任公司董事会及全体董事保证本公告内容不存在任何虚假记载误导性陈述或者重大遗漏并对其内容的真实性准确性和完整性依法承担法律责任公司董事会及全体董事保证本公告内容不存在任何虚假记载误导性陈述或者重大遗漏并对其内容的真实性准确性和完整性依法承担法律责任公司董事会及全体董事保证本公告内容不存在任何虚假记载误导性陈述或者重大遗漏并对其内容的真实性准确性和完整性依法承担法律责任公司董事会及全体董事保证本公告内容不存在任何虚假记载误导性陈述或者重大遗漏并对其内容的真实性准确性和完整性依法承担法律责任公司董事会及全体董事保证本公告内容不存在任何虚假记载误导性陈述或者重大遗漏并对其内容的真实性准确性和完整性依法承担法律责任公司董事会及全体董事保证本公告内容不存在任何虚假记载误导性陈述或者重大遗漏并对其内容的真实性准确性和完整性依法承担法律责任公司董事会及全体董事保证本公告内容不存在任何虚假记载误导性陈述或者重大遗漏并对其内容的真实性准确性和完整性依法承担法律责任公司董事会及全体董事保证本公告内容不存在任何虚假记载误导性陈述或者重大遗漏并对其内容的真实性准确性和完整性依法承担法律责任公司董事会及全体董事保证本公告内容不存在任何虚假记载误导性陈述或者重大遗漏并对其内容的真实性准确性和完整性依法承担法律责任公司董事会及全体董事保证本公告内容不存在任何虚假记载误导性陈述或者重大遗漏并对其内容的真实性准确性和完整性依法承担法律责任公司董事会及全体董事保证本公告内容不存在任何虚假记载误导性陈述或者重大遗漏并对其内容的真实性准确性和完整性依法承担法律责任公司董事会及全体董事保证本公告内容不存在任何虚假记载误导性陈述或者重大遗漏并对其内容的真实性准确性和完整性依法承担法律责任公司董事会及全体董事保证本公告内容不存在任何虚假记载误导性陈述或者重大遗漏并对其内容的真实性准确性和完整性依法承担法律责任公司董事会及全体董事保证本公告内容不存在任何虚假记载误导性陈述或者重大遗漏并对其内容的真实性准确性和完整性依法承担法律责任公司董事会及全体董事保证本公告内容不存在任何虚假记载误导性陈述或者重大遗漏并对其内容的真实性准确性和完整性依法承担法律责任公司董事会及全体董事保证本公告内容不存在任何虚假记载误导性陈述或者重大遗漏并对其内容的真实性准确性和完整性依法承担法律责任公司董事会及全体董事保证本公告内容不存在任何虚假记载误导性陈述或者重大遗漏并对其内容的真实性准确性和完整性依法承担法律责任公司董事会及全体董事保证本公告内容不存在任何虚假记载误导性陈述或者重大遗漏并对其内容的真实性准确性和完整性依法承担法律责任公司董事会及全体董事保证本公告内容不存在任何虚假记载误导性陈述或者重大遗漏并对其内容的真实性准确性和完整性依法承担法律责任公司董事会及全体董事保证本公告内容不存在任何虚假记载误导性陈述或者重大遗漏并对其内容的真实性准确性和完整性依法承担法律责任公司董事会及全体董事保证本公告内容不存在任何虚假记载误导性陈述或者重大遗漏并对其内容的真实性准确性和完整性依法承担法律责任公司董事会及全体董事保证本公告内容不存在任何虚假记载误导性陈述或者重大遗漏并对其内容的真实性准确性和完整性依法承担法律责任公司董事会及全体董事保证本公告内容不存在任何虚假记载误导性陈述或者重大遗漏并对其内容的真实性准确性和完整性依法承担法律责任公司董事会及全体董事保证本公告内容不存在任何虚假记载误导性陈述或者重大遗漏并对其内容的真实性准确性和完整性依法承担法律责任公司董事会及全体董事保证本公告内容不存在任何虚假记载误导性陈述或者重大遗漏并对其内容的真实性准确性和完整性依法承担法律责任公司董事会及全体董事保证本公告内容不存在任何虚假记载误导性陈述或者重大遗漏并对其内容的真实性准确性和完整性依法承担法律责任公司董事会及全体董事保证本公告内容不存在任何虚假记载误导性陈述或者重大遗漏并对其内容的真实性准确性和完整性依法承担法律责任公司董事会及全体董事保证本公告内容不存在任何虚假记载误导性陈述或者重大遗漏并对其内容的真实性准确性和完整性依法承担法律责任公司董事会及全体董事保证本公告内容不存在任何虚假记载误导性陈述或者重大遗漏并对其内容的真实性准确性和完整性依法承担法律责任公司董事会及全体董事保证本公告内容不存在任何虚假记载误导性陈述或者重大遗漏并对其内容的真实性准确性和完整性依法承担法律责任公司董事会及全体董事保证本公告内容不存在任何虚假记载误导性陈述或者重大遗漏并对其内容的真实性准确性和完整性依法承担法律责任公司董事会及全体董事保证本公告内容不存在任何虚假记载误导性陈述或者重大遗漏并对其内容的真实性准确性和完整性依法承担法律责任公司董事会及全体董事保证本公告内容不存在任何虚假记载误导性陈述或者重大遗漏并对其内容的真实性准确性和完整性依法承担法律责任公司董事会及全体董事保证本公告内容不存在任何虚假记载误导性陈述或者重大遗漏并对其内容的真实性准确性和完整性依法承担法律责任公司董事会及全体董事保证本公告内容不存在任何虚假记载误导性陈述或者重大遗漏并对其内容的真实性准确性和完整性依法承担法律责任公司董事会及全体董事保证本公告内容不存在任何虚假记载误导性陈述或者重大遗漏并对其内容的真实性准确性和完整性依法承担法律责任公司董事会及全体董事保证本公告内容不存在任何虚假记载误导性陈述或者重大遗漏并对其内容的真实性准确性和完整性依法承担法律责任公司董事会及全体董事保证本公告内容不存在任何虚假记载误导性陈述或者重大遗漏并对其内容的真实性准确性和完整性依法承担法律责任公司董事会及全体董事保证本公告内容不存在任何虚假记载误导性陈述或者重大遗漏并对其内容的真实性准确性和完整性依法承担法律责任公司董事会及全体董事保证本公告内容不存在任何虚假记载误导性陈述或者重大遗漏并对其内容的真实性准确性和完整性依法承担法律责任公司董事会及全体董事保证本公告内容不存在任何虚假记载误导性陈述或者重大遗漏并对其内容的真实性准确性和完整性依法承担法律责任公司董事会及全体董事保证本公告内容不存在任何虚假记载误导性陈述或者重大遗漏并对其内容的真实性准确性和完整性依法承担法律责任公司董事会及全体董事保证本公告内容不存在任何虚假记载误导性陈述或者重大遗漏并对其内容的真实性准确性和完整性依法承担法律责任

会计政策变更

公司董事会及全体董事保证本公告内容不存在任何虚假记载误导性陈述或者重大遗漏并对其内容的真实性准确性和完整性依法承担法律责任公司董事会及全体董事保证本公告内容不存在任何虚假记载误导性陈述或者重大遗漏并对其内容的真实性准确性和完整性依法承担法律责任公司董事会及全体董事保证本公告内容不存在任何虚假记载误导性陈述或者重大遗漏并对其内容的真实性准确性和完整性依法承担法律责任公司董事会及全体董事保证本公告内容不存在任何虚假记载误导性陈述或者重大遗漏并对其内容的真实性准确性和完整性依法承担法律责任公司董事会及全体董事保证本公告内容不存在任何虚假记载误导性陈述或者重大遗漏并对其内容的真实性准确性和完整性依法承担法律责任公司董事会及全体董事保证本公告内容不存在任何虚假记载误导性陈述或者重大遗漏并对其内容的真实性准确性和完整性依法承担法律责任公司董事会及全体董事保证本公告内容不存在任何虚假记载误导性陈述或者重大遗漏并对其内容的真实性准确性和完整性依法承担法律责任公司董事会及全体董事保证本公告内容不存在任何虚假记载误导性陈述或者重大遗漏并对其内容的真实性准确性和完整性依法承担法律责任

公司董事会及全体董事保证本公告内容不存在任何虚假记载误导性陈述或者重大遗漏并对其内容的真实性准确性和完整性依法承担法律责任公司董事会及全体董事保证本公告内容不存在任何虚假记载误导性陈述或者重大遗漏并对其内容的真实性准确性和完整性依法承担法律责任公司董事会及全体董事保证本公告内容不存在任何虚假记载误导性陈述或者重大遗漏并对其内容的真实性准确性和完整性依法承担法律责任公司董事会及全体董事保证本公告内容不存在任何虚假记载误导性陈述或者重大遗漏并对其内容的真实性准确性和完整性依法承担法律责任

公司董事会及全体董事保证本公告内容不存在任何虚假记载误导性陈述或者重大遗漏并对其内容的真实性准确性和完整性依法承担法律责任公司董事会及全体董事保证本公告内容不存在任何虚假记载误导性陈述或者重大遗漏并对其内容的真实性准确性和完整性依法承担法律责任公司董事会及全体董事保证本公告内容不存在任何虚假记载误导性陈述或者重大遗漏并对其内容的真实性准确性和完整性依法承担法律责任公司董事会及全体董事保证本公告内容不存在任何虚假记载误导性陈述或者重大遗漏并对其内容的真实性准确性和完整性依法承担法律责任公司董事会及全体董事保证本公告内容不存在任何虚假记载误导性陈述或者重大遗漏并对其内容的真实性准确性和完整性依法承担法律责任公司董事会及全体董事保证本公告内容不存在任何虚假记载误导性陈述或者重大遗漏并对其内容的真实性准确性和完整性依法承担法律责任公司董事会及全体董事保证本公告内容不存在任何虚假记载误导性陈述或者重大遗漏并对其内容的真实性准确性和完整性依法承担法律责任公司董事会及全体董事保证本公告内容不存在任何虚假记载误导性陈述或者重大遗漏并对其内容的真实性准确性和完整性依法承担法律责任公司董事会及全体董事保证本公告内容不存在任何虚假记载误导性陈述或者重大遗漏并对其内容的真实性准确性和完整性依法承担法律责任公司董事会及全体董事保证本公告内容不存在任何虚假记载误导性陈述或者重大遗漏并对其内容的真实性准确性和完整性依法承担法律责任公司董事会及全体董事保证本公告内容不存在任何虚假记载误导性陈述或者重大遗漏并对其内容的真实性准确性和完整性依法承担法律责任公司董事会及全体董事保证本公告内容不存在任何虚假记载误导性陈述或者重大遗漏并对其内容的真实性准确性和完整性依法承担法律责任公司董事会及全体董事保证本公告内容不存在任何虚假记载误导性陈述或者重大遗漏并对其内容的真实性准确性和完整性依法承担法律责任公司董事会及全体董事保证本公告内容不存在任何虚假记载误导性陈述或者重大遗漏并对其内容的真实性准确性和完整性依法承担法律责任公司董事会及全体董事保证本公告内容不存在任何虚假记载误导性陈述或者重大遗漏并对其内容的真实性准确性和完整性依法承担法律责任公司董事会及全体董事保证本公告内容不存在任何虚假记载误导性陈述或者重大遗漏并对其内容的真实性准确性和完整性依法承担法律责任公司董事会及全体董事保证本公告内容不存在任何虚假记载误导性陈述或者重大遗漏并对其内容的真实性准确性和完整性依法承担法律责任公司董事会及全体董事保证本公告内容不存在任何虚假记载误导性陈述或者重大遗漏并对其内容的真实性准确性和完整性依法承担法律责任公司董事会及全体董事保证本公告内容不存在任何虚假记载误导性陈述或者重大遗漏并对其内容的真实性准确性和完整性依法承担法律责任公司董事会及全体董事保证本公告内容不存在任何虚假记载误导性陈述或者重大遗漏并对其内容的真实性准确性和完整性依法承担法律责任公司董事会及全体董事保证本公告内容不存在任何虚假记载误导性陈述或者重大遗漏并对其内容的真实性准确性和完整性依法承担法律责任公司董事会及全体董事保证本公告内容不存在任何虚假记载误导性陈述或者重大遗漏并对其内容的真实性准确性和完整性依法承担法律责任公司董事会及全体董事保证本公告内容不存在任何虚假记载误导性陈述或者重大遗漏并对其内容的真实性准确性和完整性依法承担法律责任公司董事会及全体董事保证本公告内容不存在任何虚假记载误导性陈述或者重大遗漏并对其内容的真实性准确性和完整性依法承担法律责任公司董事会及全体董事保证本公告内容不存在任何虚假记载误导性陈述或者重大遗漏并对其内容的真实性准确性和完整性依法承担法律责任公司董事会及全体董事保证本公告内容不存在任何虚假记载误导性陈述或者重大遗漏并对其内容的真实性准确性和完整性依法承担法律责任公司董事会及全体董事保证本公告内容不存在任何虚假记载误导性陈述或者重大遗漏并对其内容的真实性准确性和完整性依法承担法律责任公司董事会及全体董事保证本公告内容不存在任何虚假记载误导性陈述或者重大遗漏并对其内容的真实性准确性和完整性依法承担法律责任公司董事会及全体董事保证本公告内容不存在任何虚假记载误导性陈述或者重大遗漏并对其内容的真实性准确性和完整性依法承担法律责任公司董事会及全体董事保证本公告内容不存在任何虚假记载误导性陈述或者重大遗漏并对其内容的真实性准确性和完整性依法承担法律责任公司董事会及全体董事保证本公告内容不存在任何虚假记载误导性陈述或者重大遗漏并对其内容的真实性准确性和完整性依法承担法律责任公司董事会及全体董事保证本公告内容不存在任何虚假记载误导性陈述或者重大遗漏并对其内容的真实性准确性和完整性依法承担法律责任公司董事会及全体董事保证本公告内容不存在任何虚假记载误导性陈述或者重大遗漏并对其内容的真实性准确性和完整性依法承担法律责任公司董事会及全体董事保证本公告内容不存在任何虚假记载误导性陈述或者重大遗漏并对其内容的真实性准确性和完整性依法承担法律责任公司董事会及全体董事保证本公告内容不存在任何虚假记载误导性陈述或者重大遗漏并对其内容的真实性准确性和完整性依法承担法律责任公司董事会及全体董事保证本公告内容不存在任何虚假记载误导性陈述或者重大遗漏并对其内容的真实性准确性和完整性依法承担法律责任公司董事会及全体董事保证本公告内容不存在任何虚假记载误导性陈述或者重大遗漏并对其内容的真实性准确性和完整性依法承担法律责任公司董事会及全体董事保证本公告内容不存在任何虚假记载误导性陈述或者重大遗漏并对其内容的真实性准确性和完整性依法承担法律责任公司董事会及全体董事保证本公告内容不存在任何虚假记载误导性陈述或者重大遗漏并对其内容的真实性准确性和完整性依法承担法律责任公司董事会及全体董事保证本公告内容不存在任何虚假记载误导性陈述或者重大遗漏并对其内容的真实性准确性和完整性依法承担法律责任

公司董事会及全体董事保证本公告内容不存在任何虚假记载误导性陈述或者重大遗漏并对其内容的真实性准确性和完整性依法承担法律责任公司董事会及全体董事保证本公告内容不存在任何虚假记载误导性陈述或者重大遗漏并对其内容的真实性准确性和完整性依法承担法律责任公司董事会及全体董事保证本公告内容不存在任何虚假记载误导性陈述或者重大遗漏并对其内容的真实性准确性和完整性依法承担法律责任公司董事会及全体董事保证本公告内容不存在任何虚假记载误导性陈述或者重大遗漏并对其内容的真实性准确性和完整性依法承担法律责任

公司董事会及全体董事保证本公告内容不存在任何虚假记载误导性陈述或者重大遗漏并对其内容的真实性准确性和完整性依法承担法律责任公司董事会及全体董事保证本公告内容不存在任何虚假记载误导性陈述或者重大遗漏并对其内容的真实性准确性和完整性依法承担法律责任公司董事会及全体董事保证本公告内容不存在任何虚假记载误导性陈述或者重大遗漏并对其内容的真实性准确性和完整性依法承担法律责任公司董事会及全体董事保证本公告内容不存在任何虚假记载误导性陈述或者重大遗漏并对其内容的真实性准确性和完整性依法承担法律责任公司董事会及全体董事保证本公告内容不存在任何虚假记载误导性陈述或者重大遗漏并对其内容的真实性准确性和完整性依法承担法律责任公司董事会及全体董事保证本公告内容不存在任何虚假记载误导性陈述或者重大遗漏并对其内容的真实性准确性和完整性依法承担法律责任公司董事会及全体董事保证本公告内容不存在任何虚假记载误导性陈述或者重大遗漏并对其内容的真实性准确性和完整性依法承担法律责任公司董事会及全体董事保证本公告内容不存在任何虚假记载误导性陈述或者重大遗漏并对其内容的真实性准确性和完整性依法承担法律责任公司董事会及全体董事保证本公告内容不存在任何虚假记载误导性陈述或者重大遗漏并对其内容的真实性准确性和完整性依法承担法律责任公司董事会及全体董事保证本公告内容不存在任何虚假记载误导性陈述或者重大遗漏并对其内容的真实性准确性和完整性依法承担法律责任公司董事会及全体董事保证本公告内容不存在任何虚假记载误导性陈述或者重大遗漏并对其内容的真实性准确性和完整性依法承担法律责任公司董事会及全体董事保证本公告内容不存在任何虚假记载误导性陈述或者重大遗漏并对其内容的真实性准确性和完整性依法承担法律责任公司董事会及全体董事保证本公告内容不存在任何虚假记载误导性陈述或者重大遗漏并对其内容的真实性准确性和完整性依法承担法律责任公司董事会及全体董事保证本公告内容不存在任何虚假记载误导性陈述或者重大遗漏并对其内容的真实性准确性和完整性依法承担法律责任
